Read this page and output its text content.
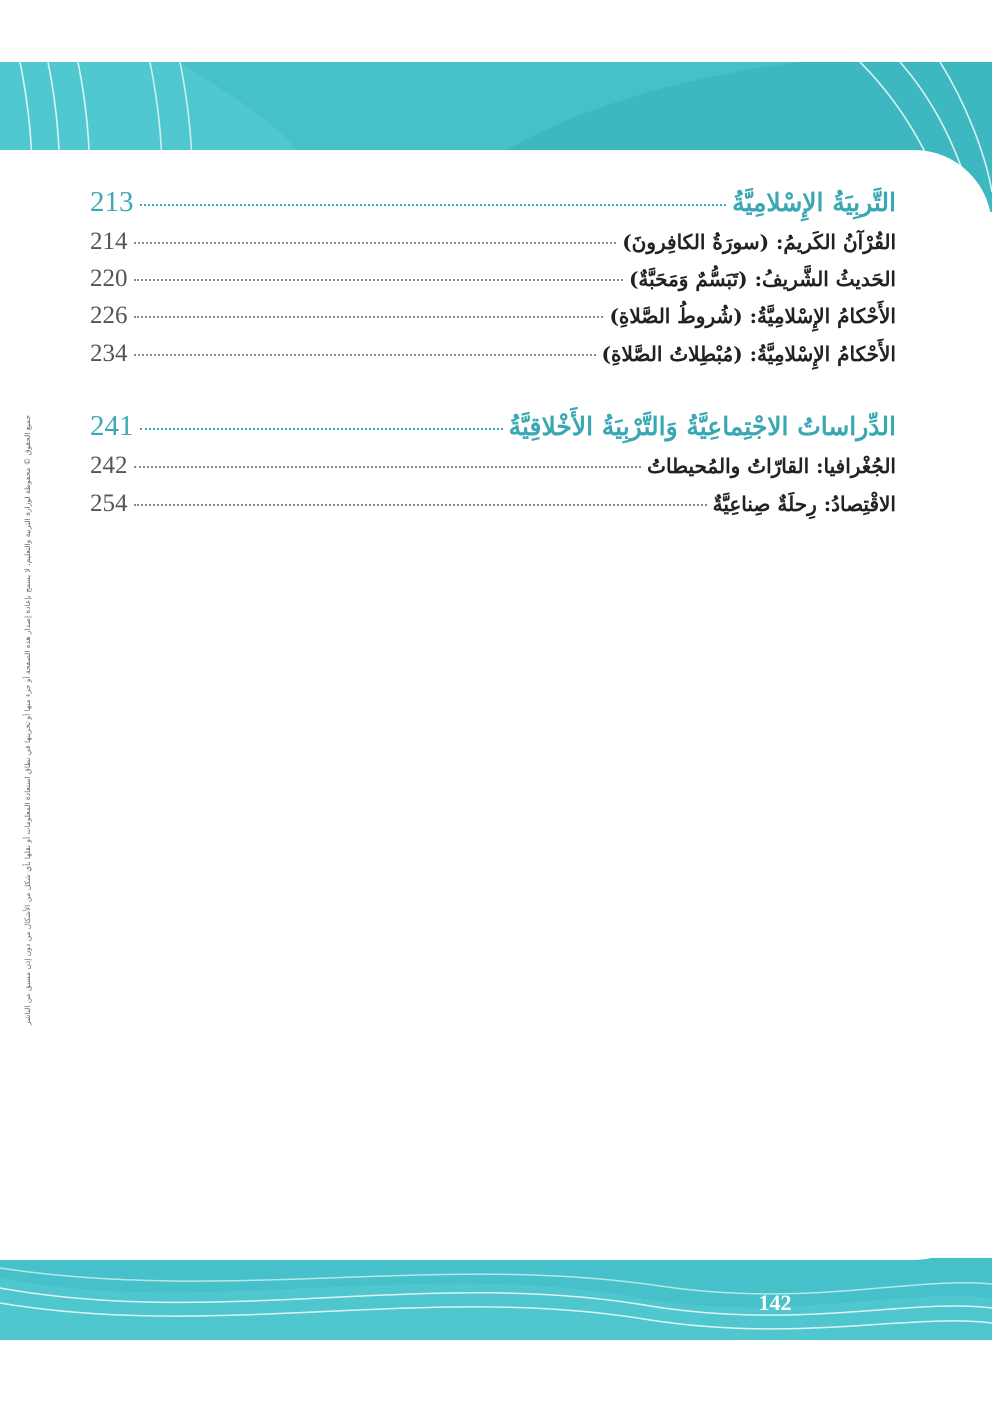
جميع الحقوق © محفوظة لوزارة التربية والتعليم. لا يسمح بإعادة إصدار هذه الصفحة أو جزء منها أو تخزينها في نطاق استعادة المعلومات أو نقلها بأي شكل من الأشكال من دون إذن مسبق من الناشر
213	التَّربِيَةُ الإِسْلامِيَّةُ
214	القُرْآنُ الكَريمُ: (سورَةُ الكافِرونَ)
220	الحَديثُ الشَّريفُ: (تَبَسُّمٌ وَمَحَبَّةٌ)
226	الأَحْكامُ الإِسْلامِيَّةُ: (شُروطُ الصَّلاةِ)
234	الأَحْكامُ الإِسْلامِيَّةُ: (مُبْطِلاتُ الصَّلاةِ)
241	الدِّراساتُ الاجْتِماعِيَّةُ وَالتَّرْبِيَةُ الأَخْلاقِيَّةُ
242	الجُغْرافيا: القارّاتُ والمُحيطاتُ
254	الاقْتِصادُ: رِحلَةٌ صِناعِيَّةٌ
142
